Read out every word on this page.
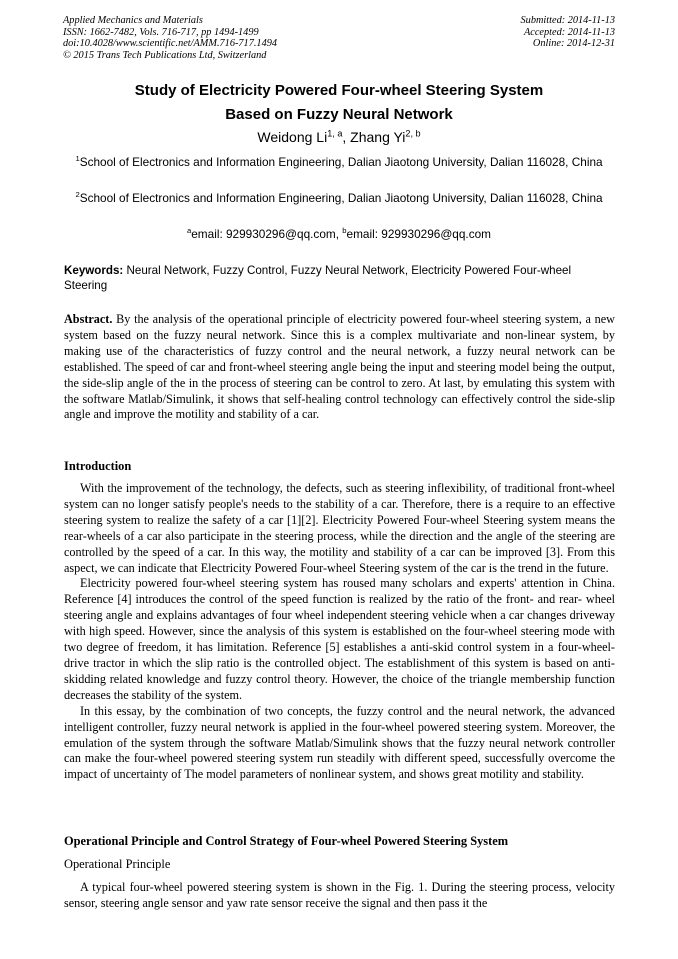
Applied Mechanics and Materials
ISSN: 1662-7482, Vols. 716-717, pp 1494-1499
doi:10.4028/www.scientific.net/AMM.716-717.1494
© 2015 Trans Tech Publications Ltd, Switzerland
Submitted: 2014-11-13
Accepted: 2014-11-13
Online: 2014-12-31
Study of Electricity Powered Four-wheel Steering System
Based on Fuzzy Neural Network
Weidong Li$^{1, a}$, Zhang Yi$^{2, b}$
$^1$School of Electronics and Information Engineering, Dalian Jiaotong University, Dalian 116028, China
$^2$School of Electronics and Information Engineering, Dalian Jiaotong University, Dalian 116028, China
$^a$email: 929930296@qq.com, $^b$email: 929930296@qq.com
Keywords: Neural Network, Fuzzy Control, Fuzzy Neural Network, Electricity Powered Four-wheel Steering
Abstract. By the analysis of the operational principle of electricity powered four-wheel steering system, a new system based on the fuzzy neural network. Since this is a complex multivariate and non-linear system, by making use of the characteristics of fuzzy control and the neural network, a fuzzy neural network can be established. The speed of car and front-wheel steering angle being the input and steering model being the output, the side-slip angle of the in the process of steering can be control to zero. At last, by emulating this system with the software Matlab/Simulink, it shows that self-healing control technology can effectively control the side-slip angle and improve the motility and stability of a car.
Introduction

With the improvement of the technology, the defects, such as steering inflexibility, of traditional front-wheel system can no longer satisfy people's needs to the stability of a car. Therefore, there is a require to an effective steering system to realize the safety of a car [1][2]. Electricity Powered Four-wheel Steering system means the rear-wheels of a car also participate in the steering process, while the direction and the angle of the steering are controlled by the speed of a car. In this way, the motility and stability of a car can be improved [3]. From this aspect, we can indicate that Electricity Powered Four-wheel Steering system of the car is the trend in the future.

Electricity powered four-wheel steering system has roused many scholars and experts' attention in China. Reference [4] introduces the control of the speed function is realized by the ratio of the front- and rear- wheel steering angle and explains advantages of four wheel independent steering vehicle when a car changes driveway with high speed. However, since the analysis of this system is established on the four-wheel steering mode with two degree of freedom, it has limitation. Reference [5] establishes a anti-skid control system in a four-wheel-drive tractor in which the slip ratio is the controlled object. The establishment of this system is based on anti-skidding related knowledge and fuzzy control theory. However, the choice of the triangle membership function decreases the stability of the system.

In this essay, by the combination of two concepts, the fuzzy control and the neural network, the advanced intelligent controller, fuzzy neural network is applied in the four-wheel powered steering system. Moreover, the emulation of the system through the software Matlab/Simulink shows that the fuzzy neural network controller can make the four-wheel powered steering system run steadily with different speed, successfully overcome the impact of uncertainty of The model parameters of nonlinear system, and shows great motility and stability.

Operational Principle and Control Strategy of Four-wheel Powered Steering System
Operational Principle

A typical four-wheel powered steering system is shown in the Fig. 1. During the steering process, velocity sensor, steering angle sensor and yaw rate sensor receive the signal and then pass it the
